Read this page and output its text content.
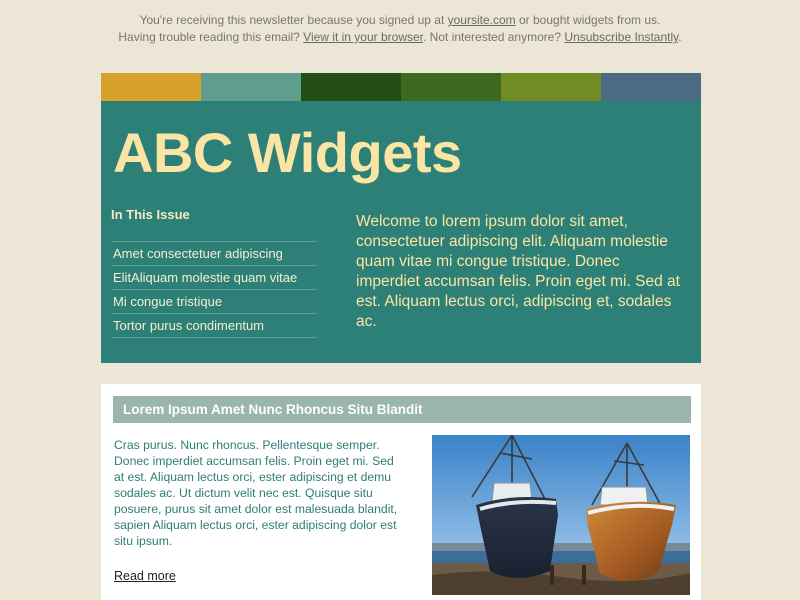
You're receiving this newsletter because you signed up at yoursite.com or bought widgets from us.
Having trouble reading this email? View it in your browser. Not interested anymore? Unsubscribe Instantly.
ABC Widgets
In This Issue
Amet consectetuer adipiscing
ElitAliquam molestie quam vitae
Mi congue tristique
Tortor purus condimentum

Welcome to lorem ipsum dolor sit amet, consectetuer adipiscing elit. Aliquam molestie quam vitae mi congue tristique. Donec imperdiet accumsan felis. Proin eget mi. Sed at est. Aliquam lectus orci, adipiscing et, sodales ac.

Lorem Ipsum Amet Nunc Rhoncus Situ Blandit

Cras purus. Nunc rhoncus. Pellentesque semper. Donec imperdiet accumsan felis. Proin eget mi. Sed at est. Aliquam lectus orci, ester adipiscing et demu sodales ac. Ut dictum velit nec est. Quisque situ posuere, purus sit amet dolor est malesuada blandit, sapien Aliquam lectus orci, ester adipiscing dolor est situ ipsum.

Read more
